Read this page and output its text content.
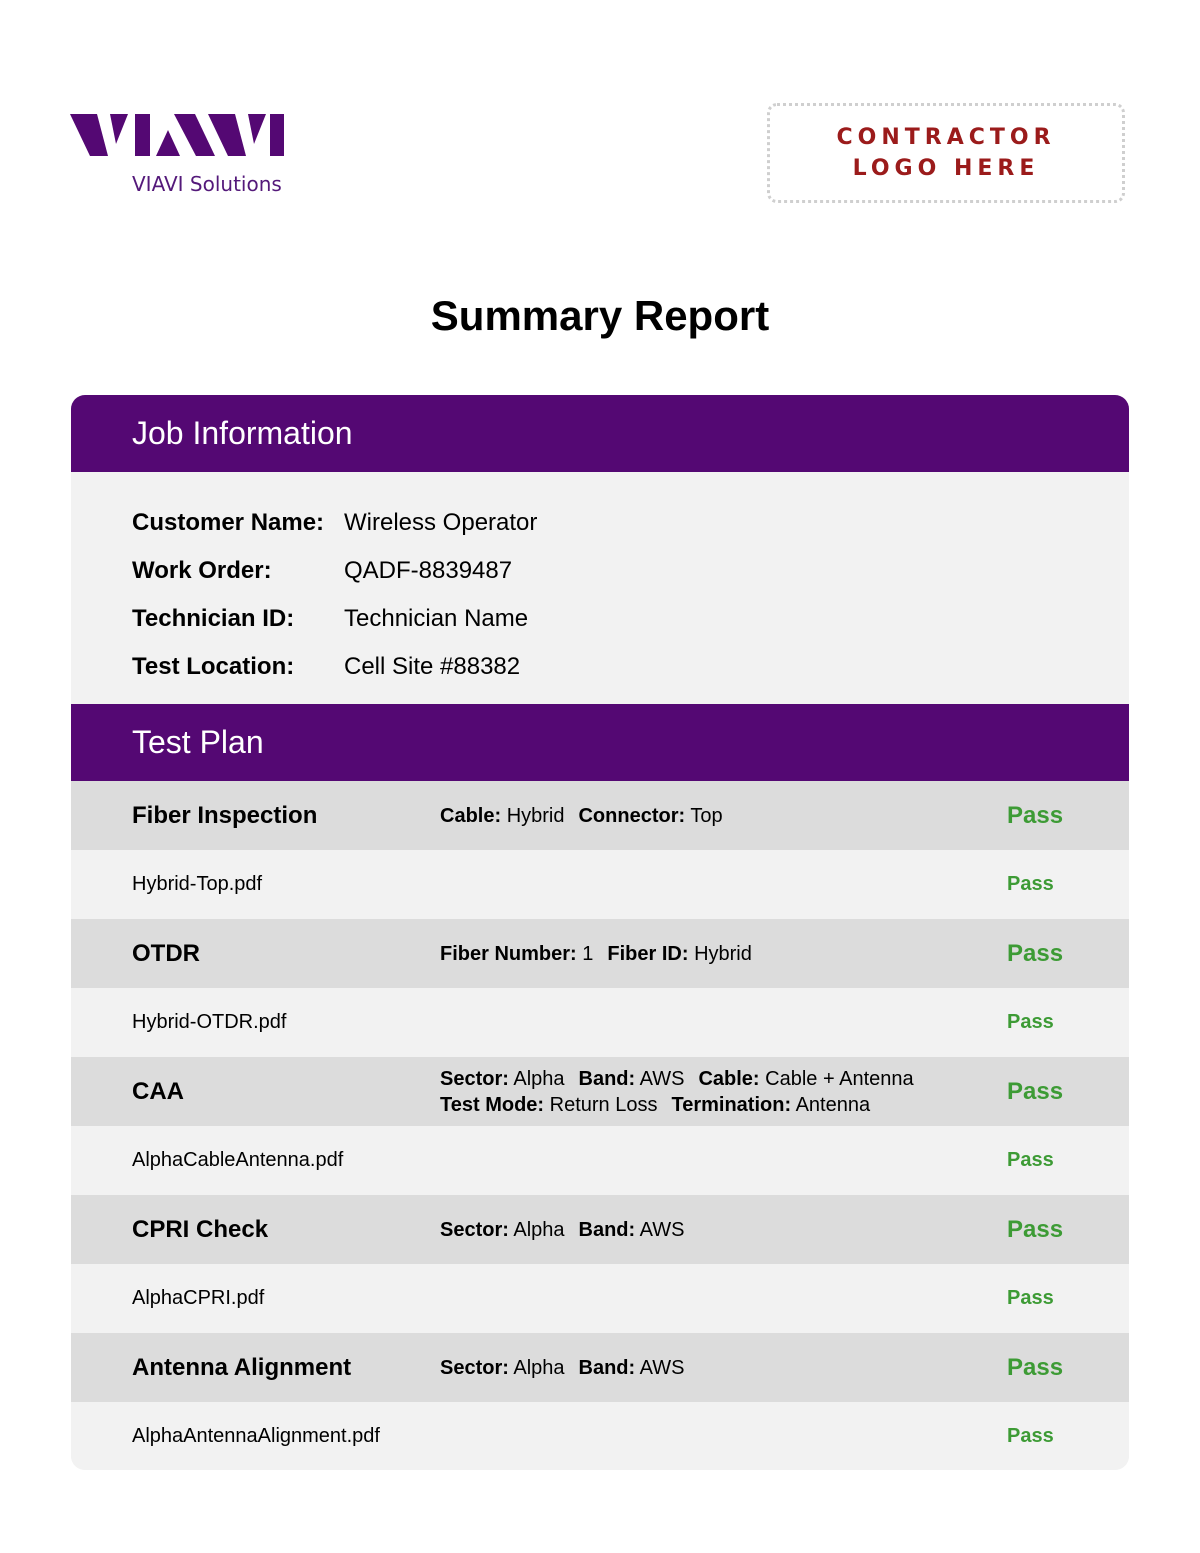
VIAVI Solutions
CONTRACTOR
LOGO HERE
Summary Report
Job Information
Customer Name: Wireless Operator
Work Order:	QADF-8839487
Technician ID:	Technician Name
Test Location:	Cell Site #88382
Test Plan
Fiber Inspection	Cable: Hybrid Connector: Top	Pass
Hybrid-Top.pdf	Pass
OTDR	Fiber Number: 1 Fiber ID: Hybrid	Pass
Hybrid-OTDR.pdf	Pass
CAA	Sector: Alpha Band: AWS Cable: Cable + Antenna
Test Mode: Return Loss Termination: Antenna	Pass
AlphaCableAntenna.pdf	Pass
CPRI Check	Sector: Alpha Band: AWS	Pass
AlphaCPRI.pdf	Pass
Antenna Alignment	Sector: Alpha Band: AWS	Pass
AlphaAntennaAlignment.pdf	Pass
